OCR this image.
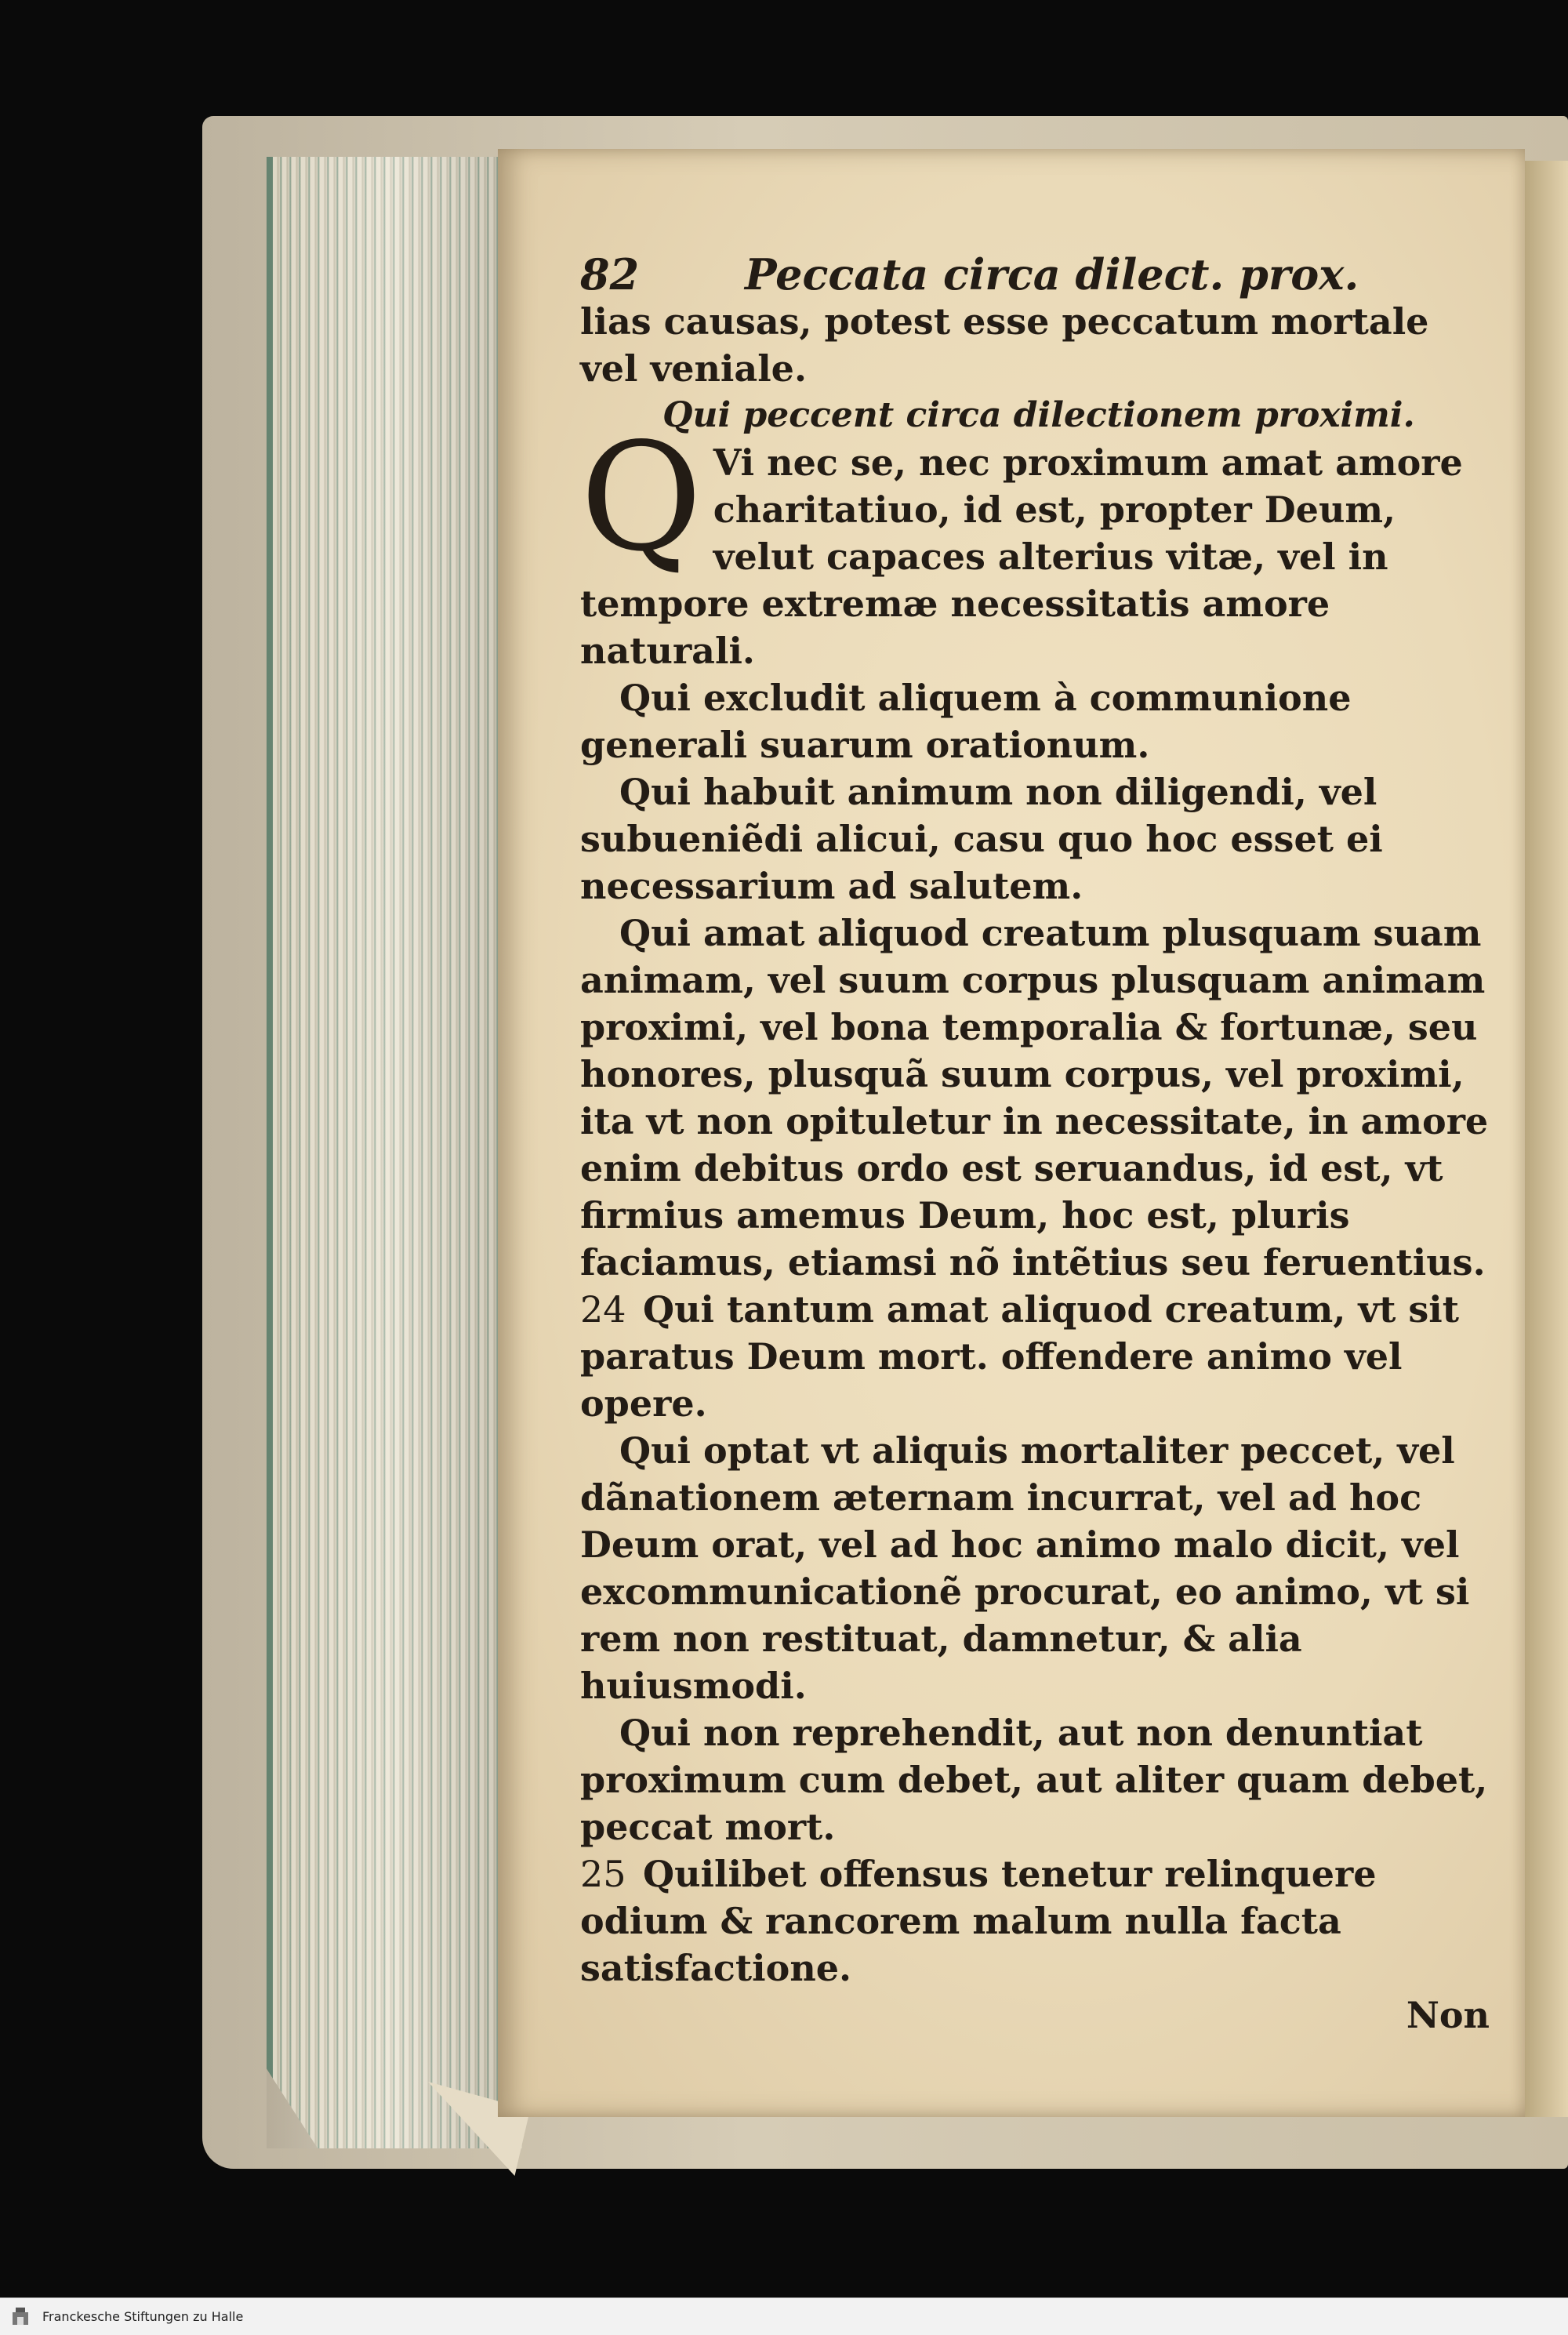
82	Peccata circa dilect. prox.

lias causas, potest esse peccatum mortale vel veniale.

Qui peccent circa dilectionem proximi.

Q Vi nec se, nec proximum amat amore charitatiuo, id est, propter Deum, velut capaces alterius vitæ, vel in tempore extremæ necessitatis amore naturali.

Qui excludit aliquem à communione generali suarum orationum.

Qui habuit animum non diligendi, vel subueniẽdi alicui, casu quo hoc esset ei necessarium ad salutem.

Qui amat aliquod creatum plusquam suam animam, vel suum corpus plusquam animam proximi, vel bona temporalia & fortunæ, seu honores, plusquã suum corpus, vel proximi, ita vt non opituletur in necessitate, in amore enim debitus ordo est seruandus, id est, vt firmius amemus Deum, hoc est, pluris faciamus, etiamsi nõ intẽtius seu feruentius.

24 Qui tantum amat aliquod creatum, vt sit paratus Deum mort. offendere animo vel opere.

Qui optat vt aliquis mortaliter peccet, vel dãnationem æternam incurrat, vel ad hoc Deum orat, vel ad hoc animo malo dicit, vel excommunicationẽ procurat, eo animo, vt si rem non restituat, damnetur, & alia huiusmodi.

Qui non reprehendit, aut non denuntiat proximum cum debet, aut aliter quam debet, peccat mort.

25 Quilibet offensus tenetur relinquere odium & rancorem malum nulla facta satisfactione.

Non

Franckesche Stiftungen zu Halle
